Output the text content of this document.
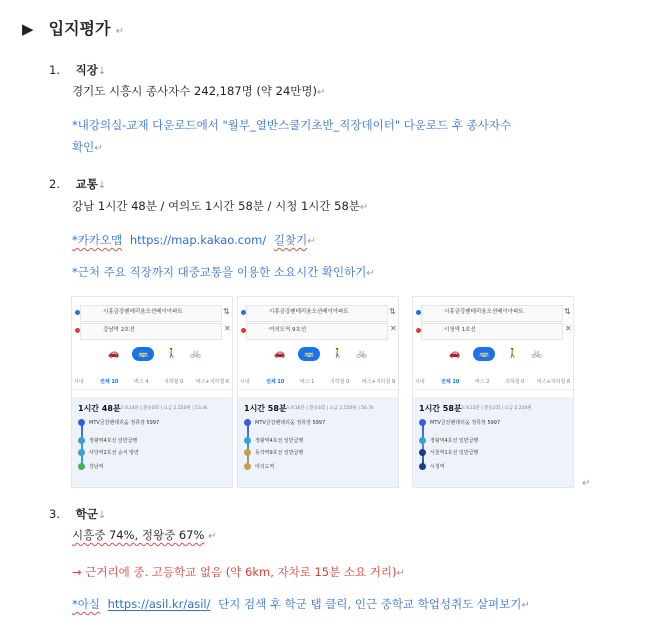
▶ 입지평가 ↵
1. 직장↓
경기도 시흥시 종사자수 242,187명 (약 24만명)↵
*내강의실-교재 다운로드에서 "월부_열반스쿨기초반_직장데이터" 다운로드 후 종사자수
확인↵
2. 교통↓
강남 1시간 48분 / 여의도 1시간 58분 / 시청 1시간 58분↵
*카카오맵 https://map.kakao.com/ 길찾기↵
*근처 주요 직장까지 대중교통을 이용한 소요시간 확인하기↵
시흥금강펜테리움오션베이아파트
강남역 2호선
⇅
✕
🚗	🚌	🚶 🚲
시내	전체 10	버스 4	지하철 0	버스+지하철 6
1시간 48분 도보14분 | 환승0회 | 요금 2,550원 | 53.4k
MTV금강펜테리움 정류장 5997
정왕역4호선 일반급행
사당역2호선 순서 방면
강남역
시흥금강펜테리움오션베이아파트
여의도역 9호선
⇅
✕
🚗	🚌	🚶 🚲
시내	전체 10	버스 1	지하철 0	버스+지하철 9
1시간 58분 도보16분 | 환승3회 | 요금 2,550원 | 56.7k
MTV금강펜테리움 정류장 5997
정왕역4호선 일반급행
동작역9호선 일반급행
여의도역
시흥금강펜테리움오션베이아파트
시청역 1호선
⇅
✕
🚗	🚌	🚶 🚲
시내	전체 10	버스 2	지하철 0	버스+지하철 8
1시간 58분 도보15분 | 환승2회 | 요금 2,250원
MTV금강펜테리움 정류장 5997
정왕역4호선 일반급행
서울역1호선 일반급행
시청역
↵
3. 학군↓
시흥중 74%, 정왕중 67% ↵
→ 근거리에 중. 고등학교 없음 (약 6km, 자차로 15분 소요 거리)↵
*아실 https://asil.kr/asil/ 단지 검색 후 학군 탭 클릭, 인근 중학교 학업성취도 살펴보기↵
